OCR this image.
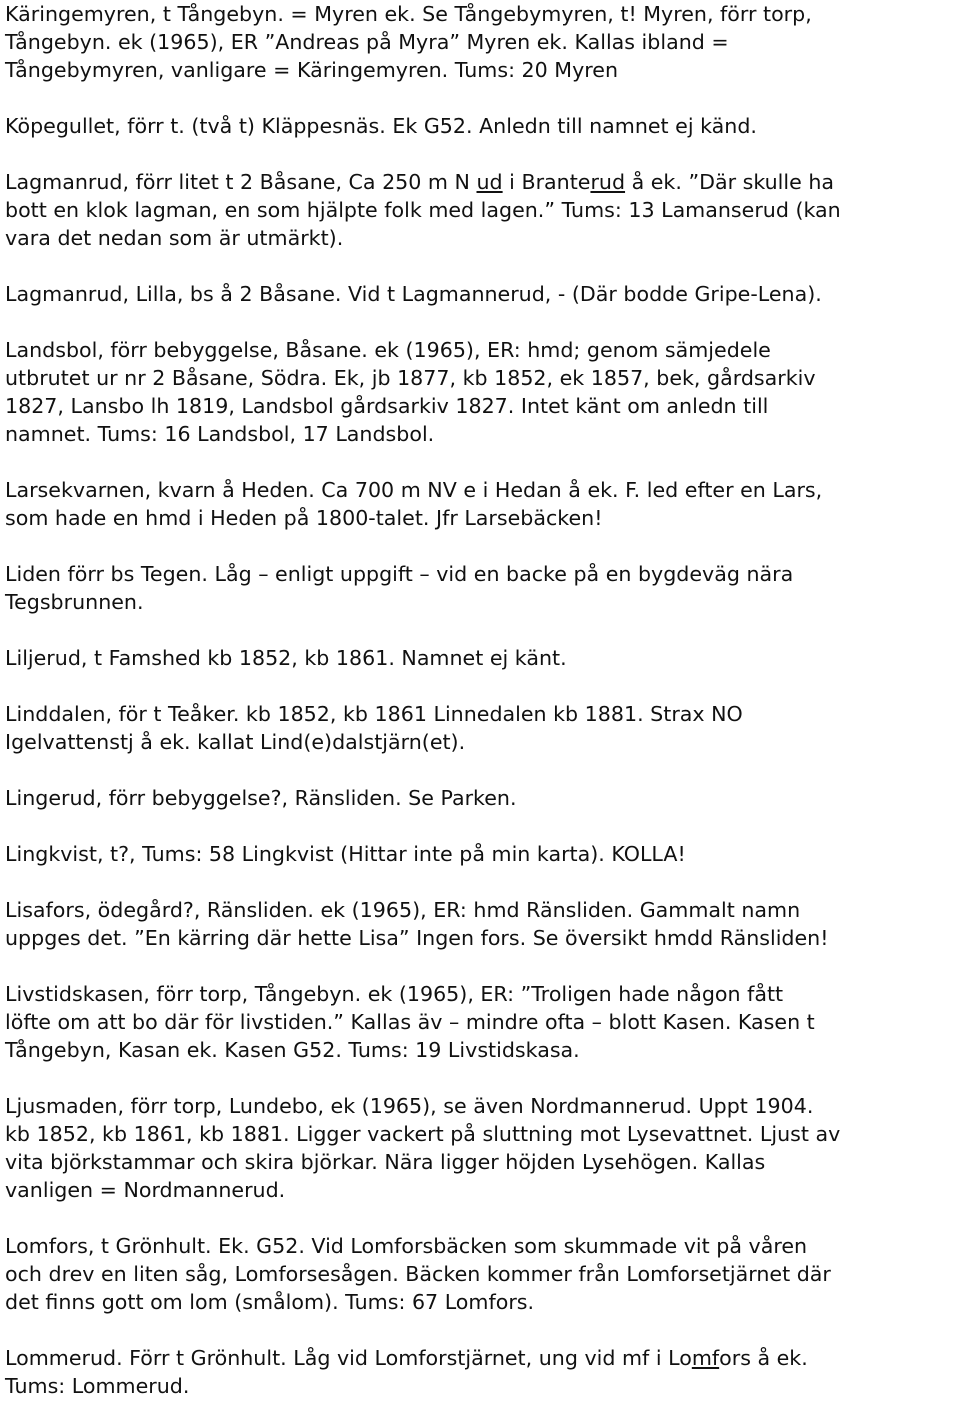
Käringemyren, t Tångebyn. = Myren ek. Se Tångebymyren, t! Myren, förr torp,
Tångebyn. ek (1965), ER ”Andreas på Myra” Myren ek. Kallas ibland =
Tångebymyren, vanligare = Käringemyren. Tums: 20 Myren
Köpegullet, förr t. (två t) Kläppesnäs. Ek G52. Anledn till namnet ej känd.
Lagmanrud, förr litet t 2 Båsane, Ca 250 m N ud i Branterud å ek. ”Där skulle ha
bott en klok lagman, en som hjälpte folk med lagen.” Tums: 13 Lamanserud (kan
vara det nedan som är utmärkt).
Lagmanrud, Lilla, bs å 2 Båsane. Vid t Lagmannerud, - (Där bodde Gripe-Lena).
Landsbol, förr bebyggelse, Båsane. ek (1965), ER: hmd; genom sämjedele
utbrutet ur nr 2 Båsane, Södra. Ek, jb 1877, kb 1852, ek 1857, bek, gårdsarkiv
1827, Lansbo lh 1819, Landsbol gårdsarkiv 1827. Intet känt om anledn till
namnet. Tums: 16 Landsbol, 17 Landsbol.
Larsekvarnen, kvarn å Heden. Ca 700 m NV e i Hedan å ek. F. led efter en Lars,
som hade en hmd i Heden på 1800-talet. Jfr Larsebäcken!
Liden förr bs Tegen. Låg – enligt uppgift – vid en backe på en bygdeväg nära
Tegsbrunnen.
Liljerud, t Famshed kb 1852, kb 1861. Namnet ej känt.
Linddalen, för t Teåker. kb 1852, kb 1861 Linnedalen kb 1881. Strax NO
Igelvattenstj å ek. kallat Lind(e)dalstjärn(et).
Lingerud, förr bebyggelse?, Ränsliden. Se Parken.
Lingkvist, t?, Tums: 58 Lingkvist (Hittar inte på min karta). KOLLA!
Lisafors, ödegård?, Ränsliden. ek (1965), ER: hmd Ränsliden. Gammalt namn
uppges det. ”En kärring där hette Lisa” Ingen fors. Se översikt hmdd Ränsliden!
Livstidskasen, förr torp, Tångebyn. ek (1965), ER: ”Troligen hade någon fått
löfte om att bo där för livstiden.” Kallas äv – mindre ofta – blott Kasen. Kasen t
Tångebyn, Kasan ek. Kasen G52. Tums: 19 Livstidskasa.
Ljusmaden, förr torp, Lundebo, ek (1965), se även Nordmannerud. Uppt 1904.
kb 1852, kb 1861, kb 1881. Ligger vackert på sluttning mot Lysevattnet. Ljust av
vita björkstammar och skira björkar. Nära ligger höjden Lysehögen. Kallas
vanligen = Nordmannerud.
Lomfors, t Grönhult. Ek. G52. Vid Lomforsbäcken som skummade vit på våren
och drev en liten såg, Lomforsesågen. Bäcken kommer från Lomforsetjärnet där
det finns gott om lom (smålom). Tums: 67 Lomfors.
Lommerud. Förr t Grönhult. Låg vid Lomforstjärnet, ung vid mf i Lomfors å ek.
Tums: Lommerud.
